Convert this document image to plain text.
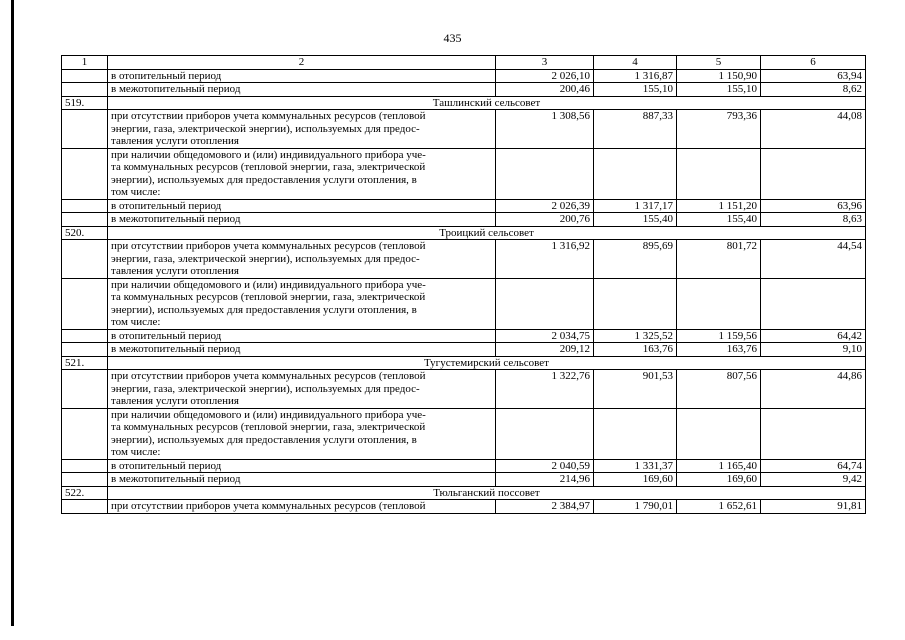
435
1	2	3	4	5	6
	в отопительный период	2 026,10	1 316,87	1 150,90	63,94
	в межотопительный период	200,46	155,10	155,10	8,62
519.	Ташлинский сельсовет				

	при отсутствии приборов учета коммунальных ресурсов (тепловой
энергии, газа, электрической энергии), используемых для предос-
тавления услуги отопления	1 308,56	887,33	793,36	44,08

	при наличии общедомового и (или) индивидуального прибора уче-
та коммунальных ресурсов (тепловой энергии, газа, электрической
энергии), используемых для предоставления услуги отопления, в
том числе:				

	в отопительный период	2 026,39	1 317,17	1 151,20	63,96
	в межотопительный период	200,76	155,40	155,40	8,63
520.	Троицкий сельсовет				

	при отсутствии приборов учета коммунальных ресурсов (тепловой
энергии, газа, электрической энергии), используемых для предос-
тавления услуги отопления	1 316,92	895,69	801,72	44,54

	при наличии общедомового и (или) индивидуального прибора уче-
та коммунальных ресурсов (тепловой энергии, газа, электрической
энергии), используемых для предоставления услуги отопления, в
том числе:				

	в отопительный период	2 034,75	1 325,52	1 159,56	64,42
	в межотопительный период	209,12	163,76	163,76	9,10
521.	Тугустемирский сельсовет				

	при отсутствии приборов учета коммунальных ресурсов (тепловой
энергии, газа, электрической энергии), используемых для предос-
тавления услуги отопления	1 322,76	901,53	807,56	44,86

	при наличии общедомового и (или) индивидуального прибора уче-
та коммунальных ресурсов (тепловой энергии, газа, электрической
энергии), используемых для предоставления услуги отопления, в
том числе:				

	в отопительный период	2 040,59	1 331,37	1 165,40	64,74
	в межотопительный период	214,96	169,60	169,60	9,42
522.	Тюльганский поссовет				
	при отсутствии приборов учета коммунальных ресурсов (тепловой	2 384,97	1 790,01	1 652,61	91,81
